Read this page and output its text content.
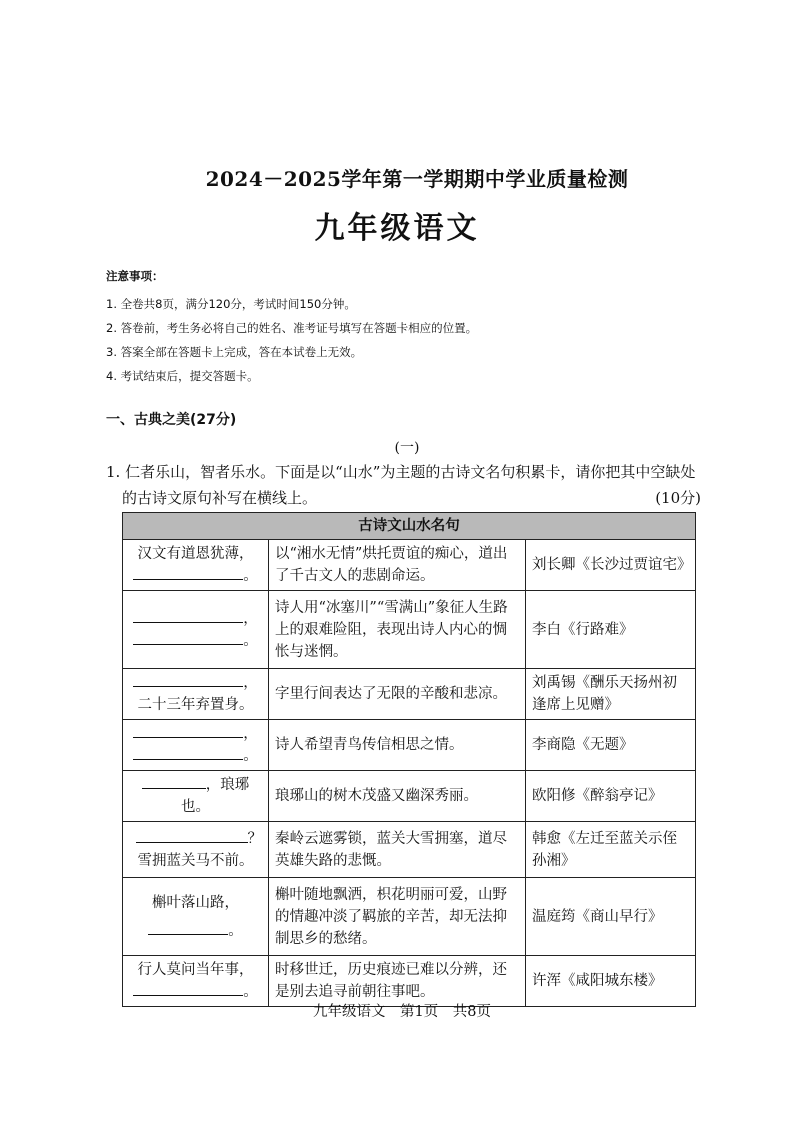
2024－2025学年第一学期期中学业质量检测
九年级语文
注意事项：
1. 全卷共8页，满分120分，考试时间150分钟。
2. 答卷前，考生务必将自己的姓名、准考证号填写在答题卡相应的位置。
3. 答案全部在答题卡上完成，答在本试卷上无效。
4. 考试结束后，提交答题卡。
一、古典之美(27分)
(一)
1. 仁者乐山，智者乐水。下面是以“山水”为主题的古诗文名句积累卡，请你把其中空缺处
的古诗文原句补写在横线上。	(10分)
古诗文山水名句		

汉文有道恩犹薄，
。	以“湘水无情”烘托贾谊的痴心，道出了千古文人的悲剧命运。	刘长卿《长沙过贾谊宅》

，
。	诗人用“冰塞川”“雪满山”象征人生路上的艰难险阻，表现出诗人内心的惆怅与迷惘。	李白《行路难》

，
二十三年弃置身。	字里行间表达了无限的辛酸和悲凉。	刘禹锡《酬乐天扬州初逢席上见赠》

，
。	诗人希望青鸟传信相思之情。	李商隐《无题》
，琅琊也。	琅琊山的树木茂盛又幽深秀丽。	欧阳修《醉翁亭记》

？
雪拥蓝关马不前。	秦岭云遮雾锁，蓝关大雪拥塞，道尽英雄失路的悲慨。	韩愈《左迁至蓝关示侄孙湘》

槲叶落山路，
。	槲叶随地飘洒，枳花明丽可爱，山野的情趣冲淡了羁旅的辛苦，却无法抑制思乡的愁绪。	温庭筠《商山早行》

行人莫问当年事，
。	时移世迁，历史痕迹已难以分辨，还是别去追寻前朝往事吧。	许浑《咸阳城东楼》
九年级语文　第1页　共8页
